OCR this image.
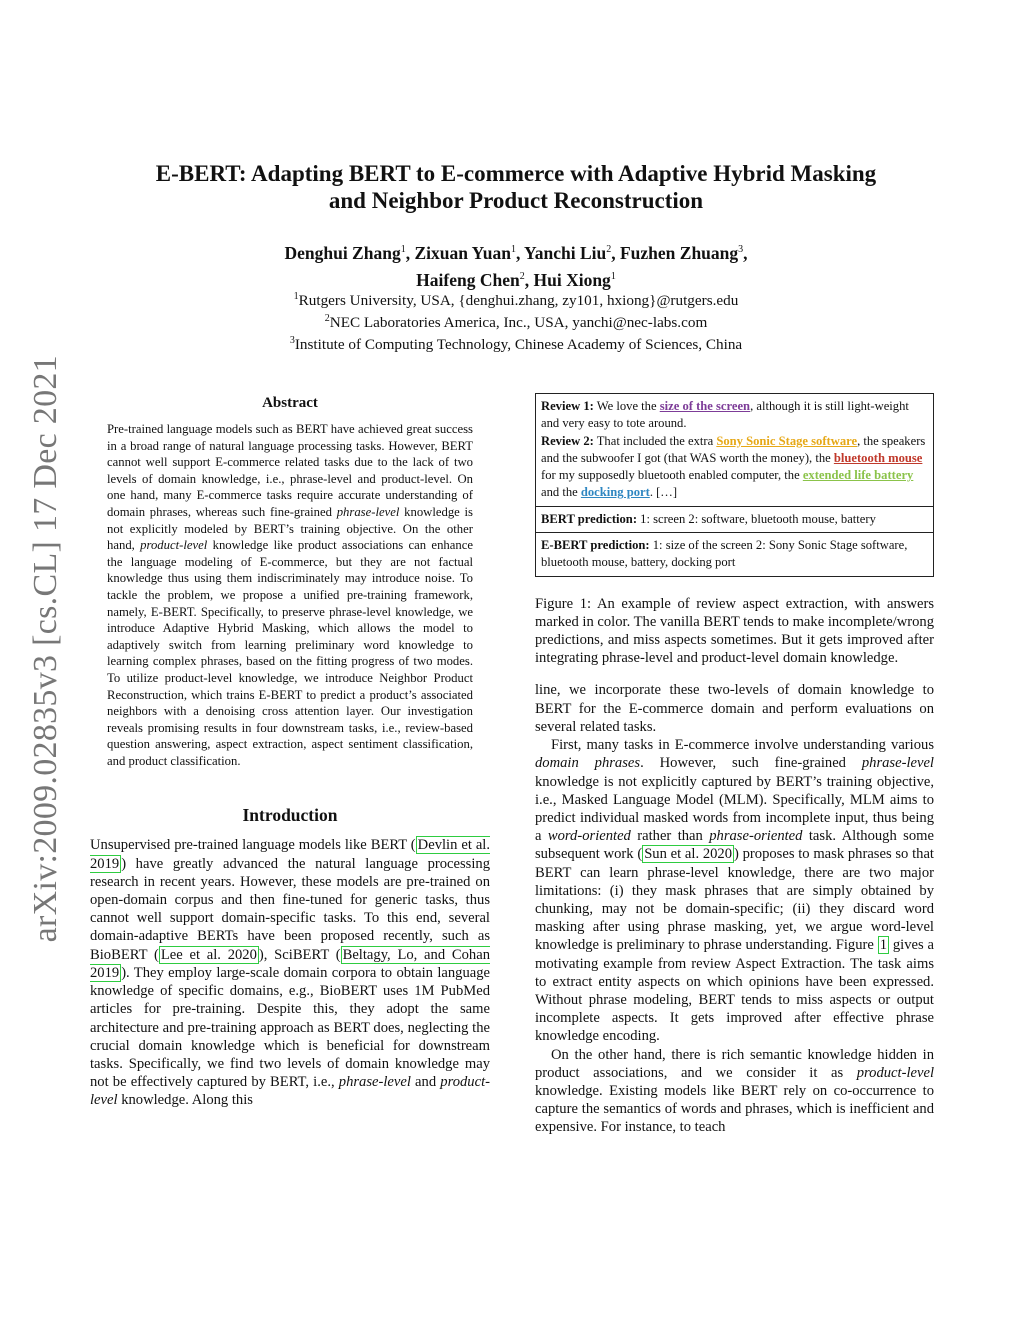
arXiv:2009.02835v3 [cs.CL] 17 Dec 2021
E-BERT: Adapting BERT to E-commerce with Adaptive Hybrid Masking
and Neighbor Product Reconstruction
Denghui Zhang$^1$, Zixuan Yuan$^1$, Yanchi Liu$^2$, Fuzhen Zhuang$^3$,
Haifeng Chen$^2$, Hui Xiong$^1$
$^1$Rutgers University, USA, {denghui.zhang, zy101, hxiong}@rutgers.edu
$^2$NEC Laboratories America, Inc., USA, yanchi@nec-labs.com
$^3$Institute of Computing Technology, Chinese Academy of Sciences, China
Abstract

Pre-trained language models such as BERT have achieved great success in a broad range of natural language processing tasks. However, BERT cannot well support E-commerce related tasks due to the lack of two levels of domain knowledge, i.e., phrase-level and product-level. On one hand, many E-commerce tasks require accurate understanding of domain phrases, whereas such fine-grained phrase-level knowledge is not explicitly modeled by BERT’s training objective. On the other hand, product-level knowledge like product associations can enhance the language modeling of E-commerce, but they are not factual knowledge thus using them indiscriminately may introduce noise. To tackle the problem, we propose a unified pre-training framework, namely, E-BERT. Specifically, to preserve phrase-level knowledge, we introduce Adaptive Hybrid Masking, which allows the model to adaptively switch from learning preliminary word knowledge to learning complex phrases, based on the fitting progress of two modes. To utilize product-level knowledge, we introduce Neighbor Product Reconstruction, which trains E-BERT to predict a product’s associated neighbors with a denoising cross attention layer. Our investigation reveals promising results in four downstream tasks, i.e., review-based question answering, aspect extraction, aspect sentiment classification, and product classification.

Introduction

Unsupervised pre-trained language models like BERT ( Devlin et al. 2019 ) have greatly advanced the natural language processing research in recent years. However, these models are pre-trained on open-domain corpus and then fine-tuned for generic tasks, thus cannot well support domain-specific tasks. To this end, several domain-adaptive BERTs have been proposed recently, such as BioBERT ( Lee et al. 2020 ), SciBERT ( Beltagy, Lo, and Cohan 2019 ). They employ large-scale domain corpora to obtain language knowledge of specific domains, e.g., BioBERT uses 1M PubMed articles for pre-training. Despite this, they adopt the same architecture and pre-training approach as BERT does, neglecting the crucial domain knowledge which is beneficial for downstream tasks. Specifically, we find two levels of domain knowledge may not be effectively captured by BERT, i.e., phrase-level and product-level knowledge. Along this

Review 1: We love the size of the screen, although it is still light-weight and very easy to tote around.
Review 2: That included the extra Sony Sonic Stage software, the speakers and the subwoofer I got (that WAS worth the money), the bluetooth mouse for my supposedly bluetooth enabled computer, the extended life battery and the docking port. […]
BERT prediction: 1: screen 2: software, bluetooth mouse, battery
E-BERT prediction: 1: size of the screen 2: Sony Sonic Stage software, bluetooth mouse, battery, docking port

Figure 1: An example of review aspect extraction, with answers marked in color. The vanilla BERT tends to make incomplete/wrong predictions, and miss aspects sometimes. But it gets improved after integrating phrase-level and product-level domain knowledge.

line, we incorporate these two-levels of domain knowledge to BERT for the E-commerce domain and perform evaluations on several related tasks.

First, many tasks in E-commerce involve understanding various domain phrases. However, such fine-grained phrase-level knowledge is not explicitly captured by BERT’s training objective, i.e., Masked Language Model (MLM). Specifically, MLM aims to predict individual masked words from incomplete input, thus being a word-oriented rather than phrase-oriented task. Although some subsequent work ( Sun et al. 2020 ) proposes to mask phrases so that BERT can learn phrase-level knowledge, there are two major limitations: (i) they mask phrases that are simply obtained by chunking, may not be domain-specific; (ii) they discard word masking after using phrase masking, yet, we argue word-level knowledge is preliminary to phrase understanding. Figure 1 gives a motivating example from review Aspect Extraction. The task aims to extract entity aspects on which opinions have been expressed. Without phrase modeling, BERT tends to miss aspects or output incomplete aspects. It gets improved after effective phrase knowledge encoding.

On the other hand, there is rich semantic knowledge hidden in product associations, and we consider it as product-level knowledge. Existing models like BERT rely on co-occurrence to capture the semantics of words and phrases, which is inefficient and expensive. For instance, to teach
